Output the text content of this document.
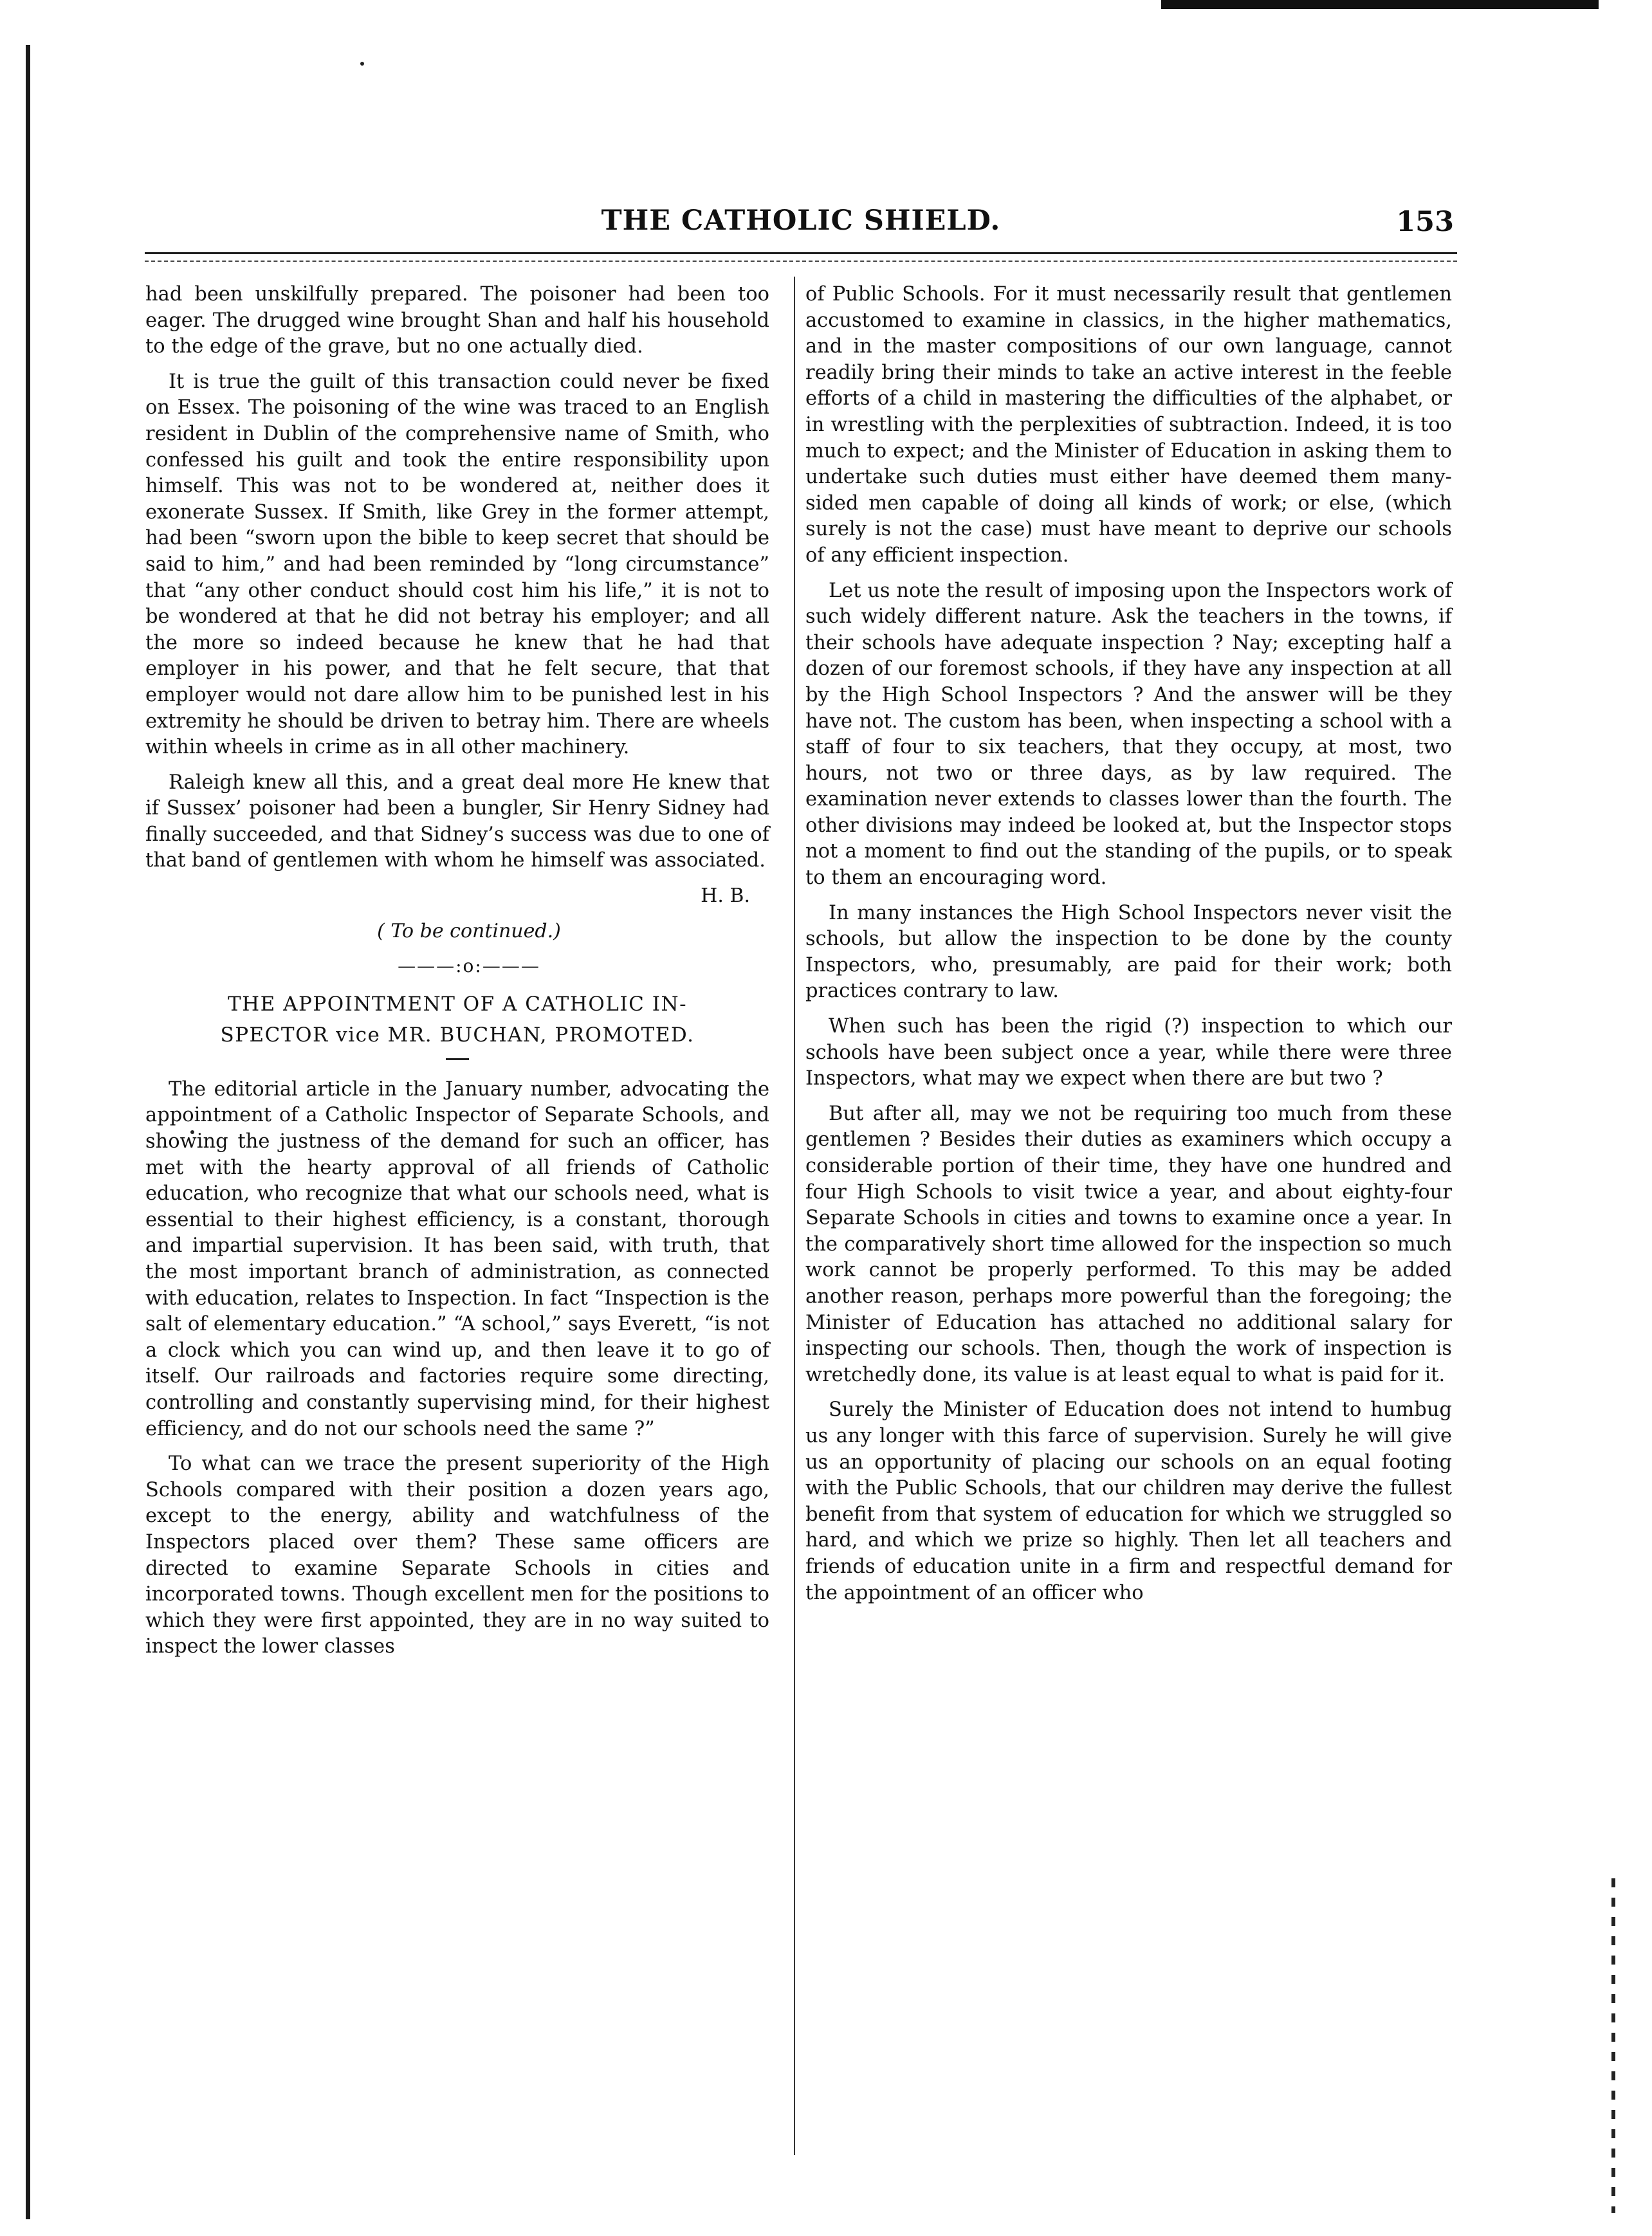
THE CATHOLIC SHIELD.	153

had been unskilfully prepared. The poisoner had been too eager. The drugged wine brought Shan and half his household to the edge of the grave, but no one actually died.

It is true the guilt of this transaction could never be fixed on Essex. The poisoning of the wine was traced to an English resident in Dublin of the comprehensive name of Smith, who confessed his guilt and took the entire responsibility upon himself. This was not to be wondered at, neither does it exonerate Sussex. If Smith, like Grey in the former attempt, had been “sworn upon the bible to keep secret that should be said to him,” and had been reminded by “long circumstance” that “any other conduct should cost him his life,” it is not to be wondered at that he did not betray his employer; and all the more so indeed because he knew that he had that employer in his power, and that he felt secure, that that employer would not dare allow him to be punished lest in his extremity he should be driven to betray him. There are wheels within wheels in crime as in all other machinery.

Raleigh knew all this, and a great deal more He knew that if Sussex’ poisoner had been a bungler, Sir Henry Sidney had finally succeeded, and that Sidney’s success was due to one of that band of gentlemen with whom he himself was associated.

H. B.

( To be continued.)

———:o:———

THE APPOINTMENT OF A CATHOLIC IN-
SPECTOR vice MR. BUCHAN, PROMOTED.

The editorial article in the January number, advocating the appointment of a Catholic Inspector of Separate Schools, and showing the justness of the demand for such an officer, has met with the hearty approval of all friends of Catholic education, who recognize that what our schools need, what is essential to their highest efficiency, is a constant, thorough and impartial supervision. It has been said, with truth, that the most important branch of administration, as connected with education, relates to Inspection. In fact “Inspection is the salt of elementary education.” “A school,” says Everett, “is not a clock which you can wind up, and then leave it to go of itself. Our railroads and factories require some directing, controlling and constantly supervising mind, for their highest efficiency, and do not our schools need the same ?”

To what can we trace the present superiority of the High Schools compared with their position a dozen years ago, except to the energy, ability and watchfulness of the Inspectors placed over them? These same officers are directed to examine Separate Schools in cities and incorporated towns. Though excellent men for the positions to which they were first appointed, they are in no way suited to inspect the lower classes

of Public Schools. For it must necessarily result that gentlemen accustomed to examine in classics, in the higher mathematics, and in the master compositions of our own language, cannot readily bring their minds to take an active interest in the feeble efforts of a child in mastering the difficulties of the alphabet, or in wrestling with the perplexities of subtraction. Indeed, it is too much to expect; and the Minister of Education in asking them to undertake such duties must either have deemed them many-sided men capable of doing all kinds of work; or else, (which surely is not the case) must have meant to deprive our schools of any efficient inspection.

Let us note the result of imposing upon the Inspectors work of such widely different nature. Ask the teachers in the towns, if their schools have adequate inspection ? Nay; excepting half a dozen of our foremost schools, if they have any inspection at all by the High School Inspectors ? And the answer will be they have not. The custom has been, when inspecting a school with a staff of four to six teachers, that they occupy, at most, two hours, not two or three days, as by law required. The examination never extends to classes lower than the fourth. The other divisions may indeed be looked at, but the Inspector stops not a moment to find out the standing of the pupils, or to speak to them an encouraging word.

In many instances the High School Inspectors never visit the schools, but allow the inspection to be done by the county Inspectors, who, presumably, are paid for their work; both practices contrary to law.

When such has been the rigid (?) inspection to which our schools have been subject once a year, while there were three Inspectors, what may we expect when there are but two ?

But after all, may we not be requiring too much from these gentlemen ? Besides their duties as examiners which occupy a considerable portion of their time, they have one hundred and four High Schools to visit twice a year, and about eighty-four Separate Schools in cities and towns to examine once a year. In the comparatively short time allowed for the inspection so much work cannot be properly performed. To this may be added another reason, perhaps more powerful than the foregoing; the Minister of Education has attached no additional salary for inspecting our schools. Then, though the work of inspection is wretchedly done, its value is at least equal to what is paid for it.

Surely the Minister of Education does not intend to humbug us any longer with this farce of supervision. Surely he will give us an opportunity of placing our schools on an equal footing with the Public Schools, that our children may derive the fullest benefit from that system of education for which we struggled so hard, and which we prize so highly. Then let all teachers and friends of education unite in a firm and respectful demand for the appointment of an officer who
